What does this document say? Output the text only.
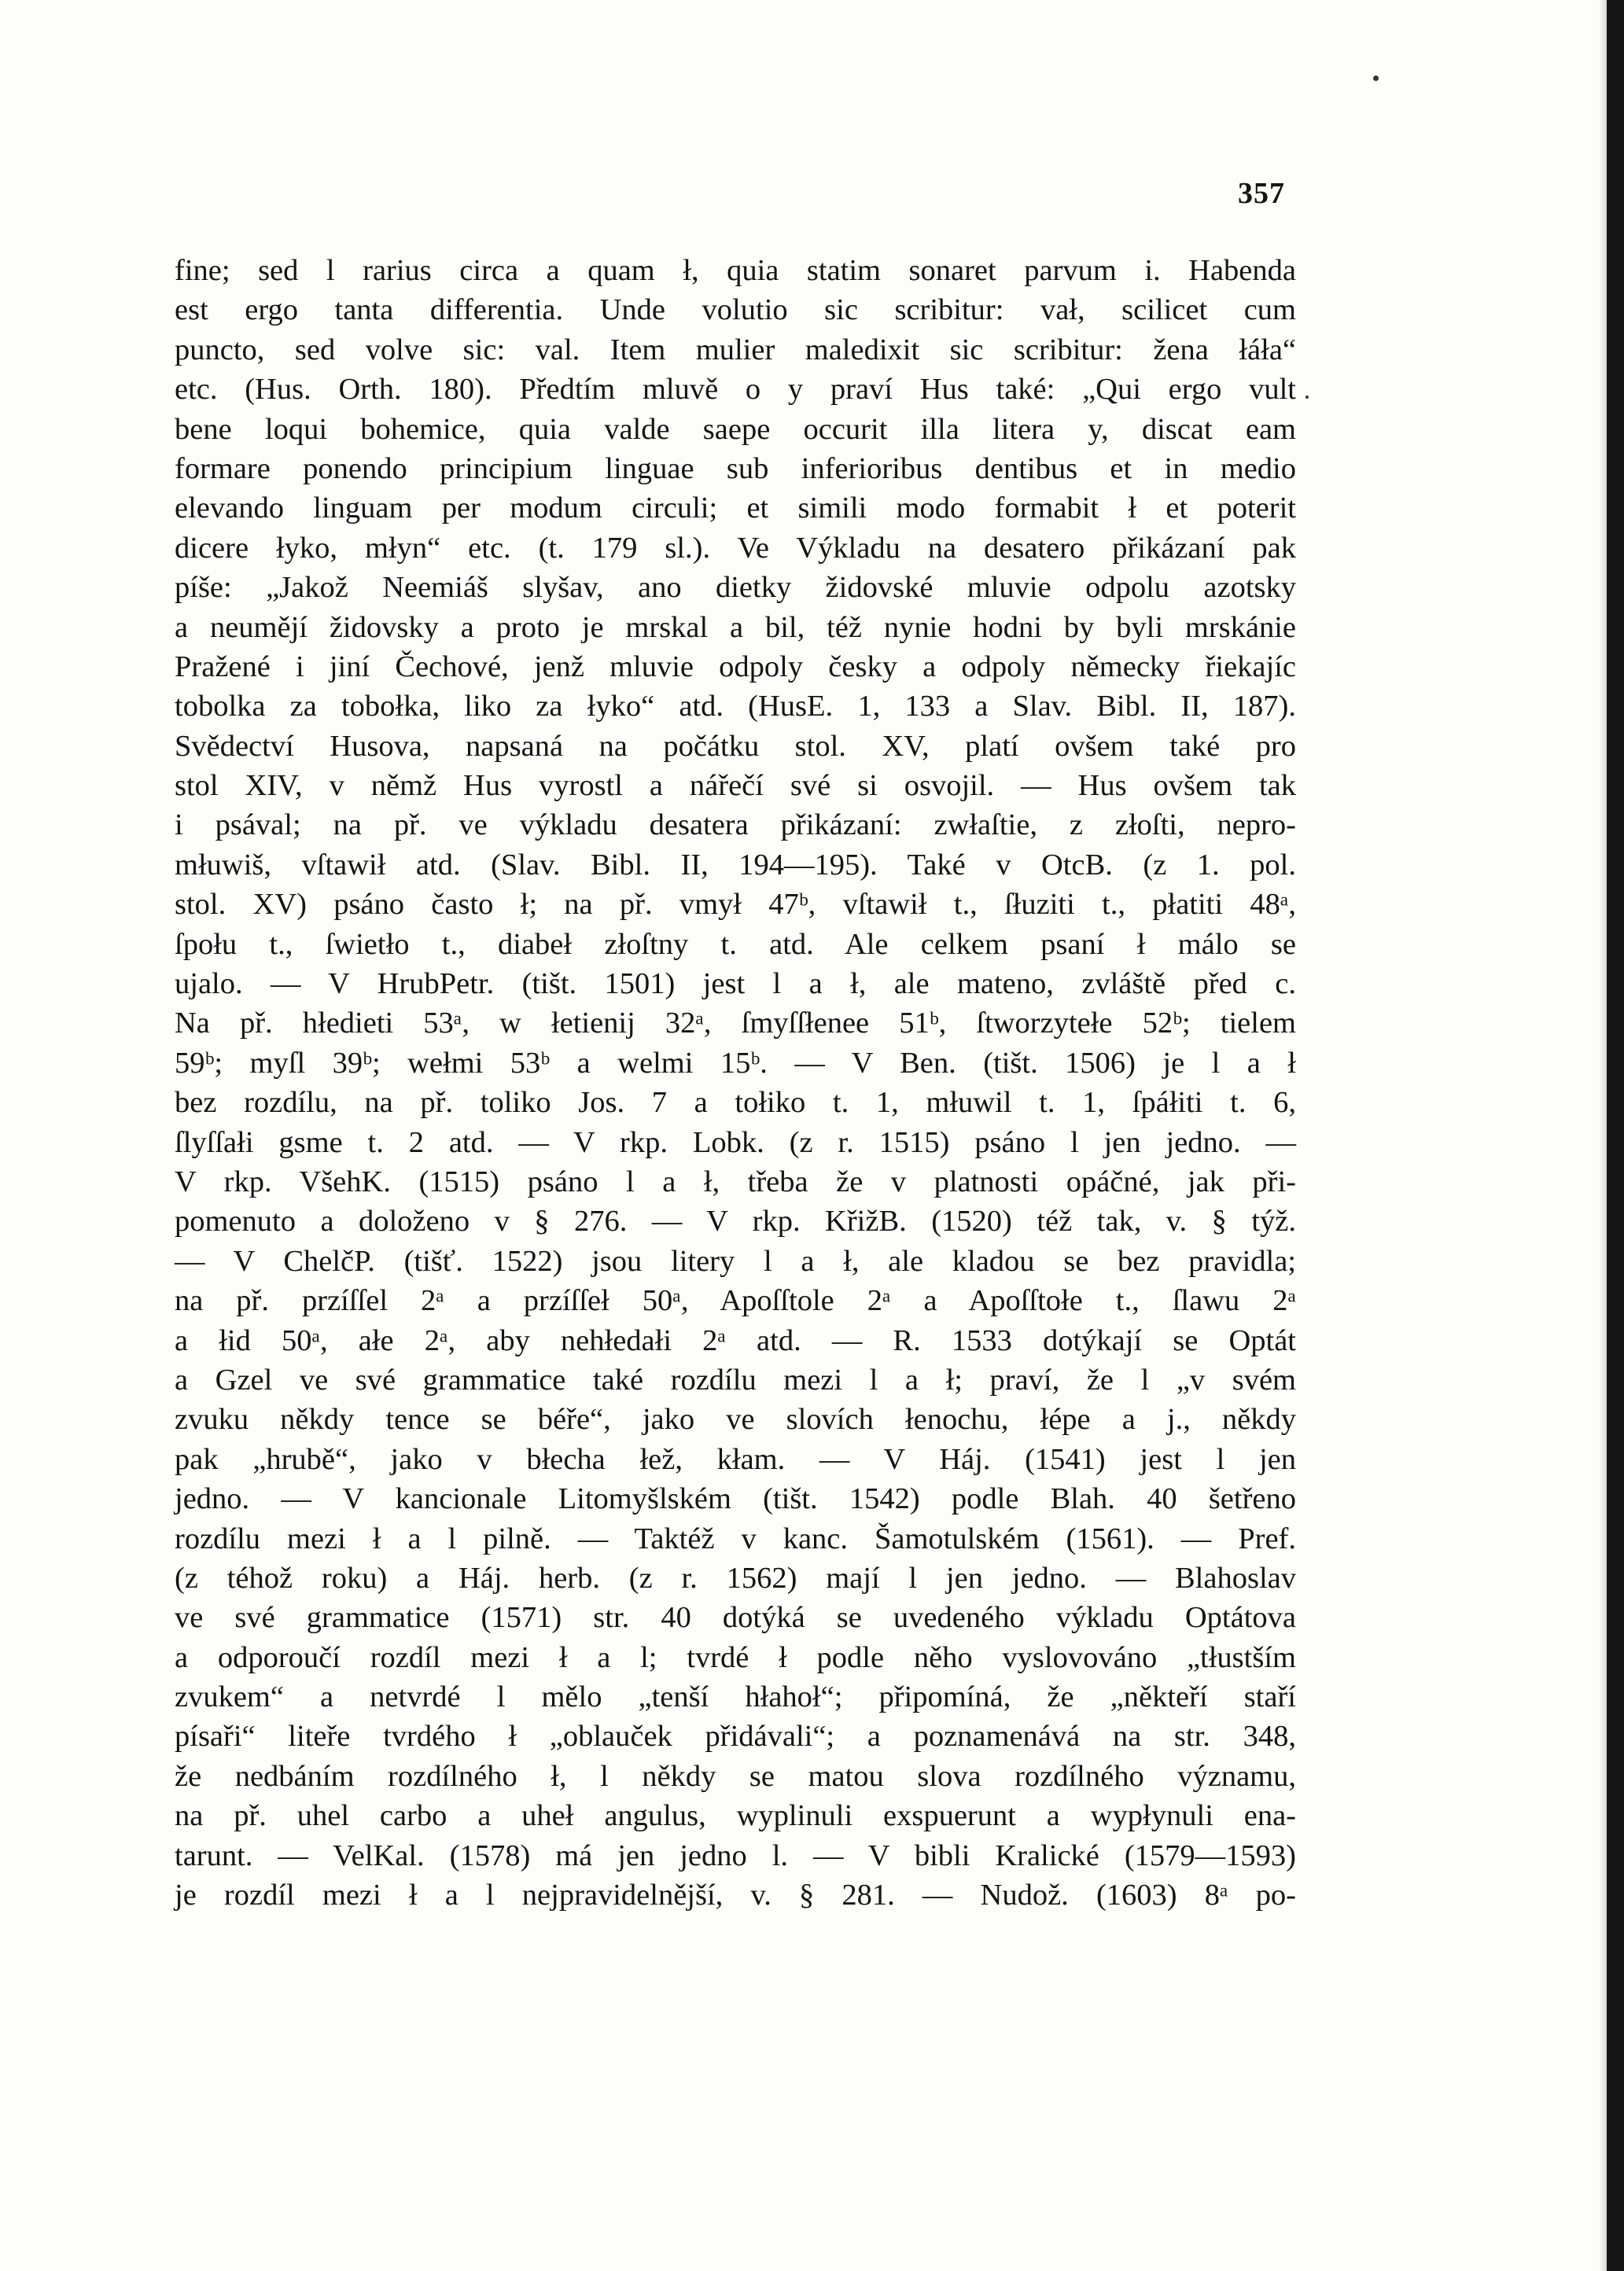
357
fine; sed l rarius circa a quam ł, quia statim sonaret parvum i. Habenda
est ergo tanta differentia. Unde volutio sic scribitur: vał, scilicet cum
puncto, sed volve sic: val. Item mulier maledixit sic scribitur: žena łáła“
etc. (Hus. Orth. 180). Předtím mluvě o y praví Hus také: „Qui ergo vult
bene loqui bohemice, quia valde saepe occurit illa litera y, discat eam
formare ponendo principium linguae sub inferioribus dentibus et in medio
elevando linguam per modum circuli; et simili modo formabit ł et poterit
dicere łyko, młyn“ etc. (t. 179 sl.). Ve Výkladu na desatero přikázaní pak
píše: „Jakož Neemiáš slyšav, ano dietky židovské mluvie odpolu azotsky
a neumějí židovsky a proto je mrskal a bil, též nynie hodni by byli mrskánie
Pražené i jiní Čechové, jenž mluvie odpoly česky a odpoly německy řiekajíc
tobolka za tobołka, liko za łyko“ atd. (HusE. 1, 133 a Slav. Bibl. II, 187).
Svědectví Husova, napsaná na počátku stol. XV, platí ovšem také pro
stol XIV, v němž Hus vyrostl a nářečí své si osvojil. — Hus ovšem tak
i psával; na př. ve výkladu desatera přikázaní: zwłaſtie, z złoſti, nepro-
młuwiš, vſtawił atd. (Slav. Bibl. II, 194—195). Také v OtcB. (z 1. pol.
stol. XV) psáno často ł; na př. vmył 47ᵇ, vſtawił t., ſłuziti t., płatiti 48ᵃ,
ſpołu t., ſwietło t., diabeł złoſtny t. atd. Ale celkem psaní ł málo se
ujalo. — V HrubPetr. (tišt. 1501) jest l a ł, ale mateno, zvláště před c.
Na př. hłedieti 53ᵃ, w łetienij 32ᵃ, ſmyſſłenee 51ᵇ, ſtworzytełe 52ᵇ; tielem
59ᵇ; myſl 39ᵇ; wełmi 53ᵇ a welmi 15ᵇ. — V Ben. (tišt. 1506) je l a ł
bez rozdílu, na př. toliko Jos. 7 a tołiko t. 1, młuwil t. 1, ſpáłiti t. 6,
ſlyſſałi gsme t. 2 atd. — V rkp. Lobk. (z r. 1515) psáno l jen jedno. —
V rkp. VšehK. (1515) psáno l a ł, třeba že v platnosti opáčné, jak při-
pomenuto a doloženo v § 276. — V rkp. KřižB. (1520) též tak, v. § týž.
— V ChelčP. (tišť. 1522) jsou litery l a ł, ale kladou se bez pravidla;
na př. przíſſel 2ᵃ a przíſſeł 50ᵃ, Apoſſtole 2ᵃ a Apoſſtołe t., ſlawu 2ᵃ
a łid 50ᵃ, ałe 2ᵃ, aby nehłedałi 2ᵃ atd. — R. 1533 dotýkají se Optát
a Gzel ve své grammatice také rozdílu mezi l a ł; praví, že l „v svém
zvuku někdy tence se béře“, jako ve slovích łenochu, łépe a j., někdy
pak „hrubě“, jako v błecha łež, kłam. — V Háj. (1541) jest l jen
jedno. — V kancionale Litomyšlském (tišt. 1542) podle Blah. 40 šetřeno
rozdílu mezi ł a l pilně. — Taktéž v kanc. Šamotulském (1561). — Pref.
(z téhož roku) a Háj. herb. (z r. 1562) mají l jen jedno. — Blahoslav
ve své grammatice (1571) str. 40 dotýká se uvedeného výkladu Optátova
a odporoučí rozdíl mezi ł a l; tvrdé ł podle něho vyslovováno „tłustším
zvukem“ a netvrdé l mělo „tenší hłahoł“; připomíná, že „někteří staří
písaři“ liteře tvrdého ł „oblauček přidávali“; a poznamenává na str. 348,
že nedbáním rozdílného ł, l někdy se matou slova rozdílného významu,
na př. uhel carbo a uheł angulus, wyplinuli exspuerunt a wypłynuli ena-
tarunt. — VelKal. (1578) má jen jedno l. — V bibli Kralické (1579—1593)
je rozdíl mezi ł a l nejpravidelnější, v. § 281. — Nudož. (1603) 8ᵃ po-
